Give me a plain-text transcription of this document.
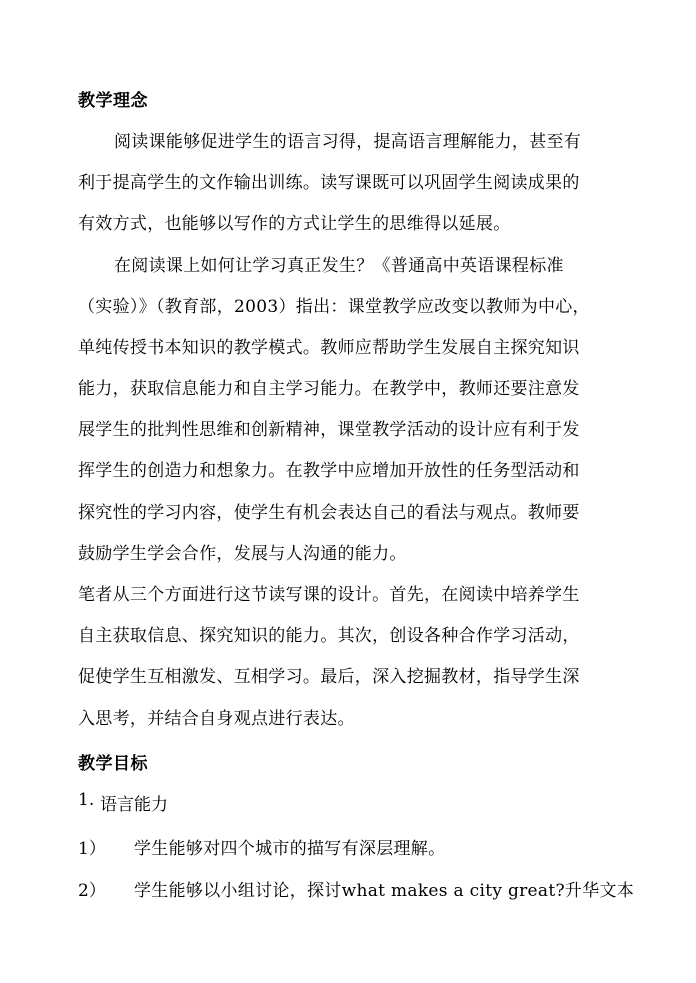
教学理念
阅读课能够促进学生的语言习得，提高语言理解能力，甚至有
利于提高学生的文作输出训练。读写课既可以巩固学生阅读成果的
有效方式，也能够以写作的方式让学生的思维得以延展。
在阅读课上如何让学习真正发生？《普通高中英语课程标准
（实验）》（教育部，2003）指出：课堂教学应改变以教师为中心，
单纯传授书本知识的教学模式。教师应帮助学生发展自主探究知识
能力，获取信息能力和自主学习能力。在教学中，教师还要注意发
展学生的批判性思维和创新精神，课堂教学活动的设计应有利于发
挥学生的创造力和想象力。在教学中应增加开放性的任务型活动和
探究性的学习内容，使学生有机会表达自己的看法与观点。教师要
鼓励学生学会合作，发展与人沟通的能力。
笔者从三个方面进行这节读写课的设计。首先，在阅读中培养学生
自主获取信息、探究知识的能力。其次，创设各种合作学习活动，
促使学生互相激发、互相学习。最后，深入挖掘教材，指导学生深
入思考，并结合自身观点进行表达。
教学目标
1. 语言能力
1） 学生能够对四个城市的描写有深层理解。
2） 学生能够以小组讨论，探讨what makes a city great?升华文本
